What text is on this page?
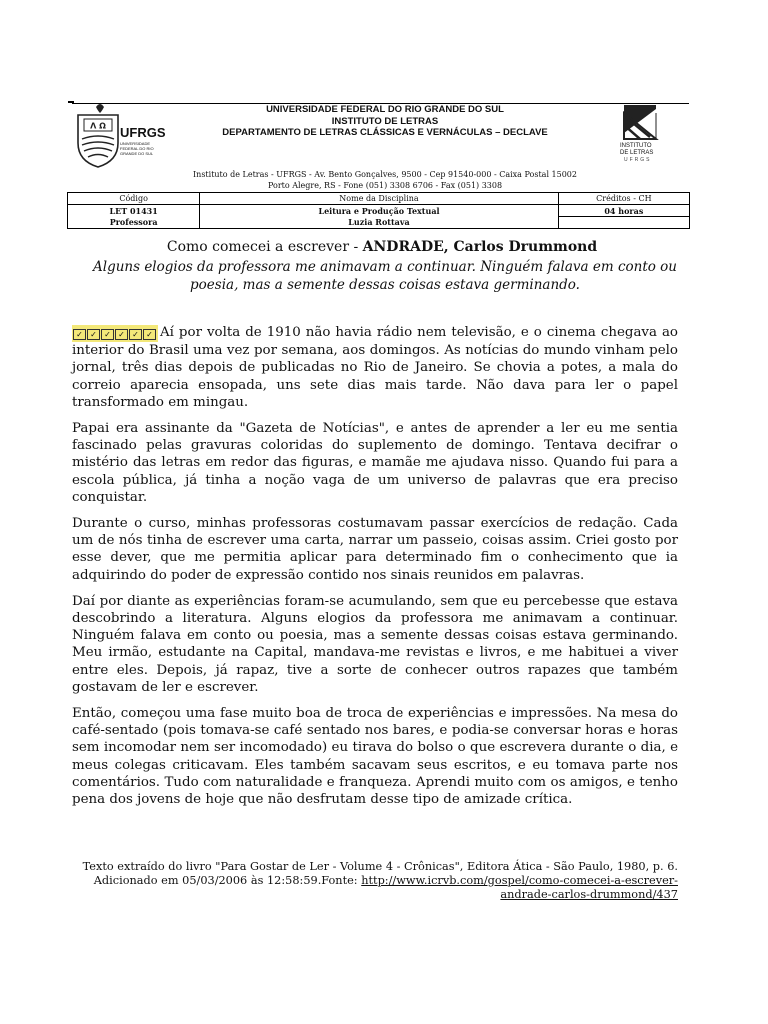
Λ Ω UFRGS
UNIVERSIDADE FEDERAL DO RIO GRANDE DO SUL
UNIVERSIDADE FEDERAL DO RIO GRANDE DO SUL
INSTITUTO DE LETRAS
DEPARTAMENTO DE LETRAS CLÁSSICAS E VERNÁCULAS – DECLAVE
INSTITUTO DE LETRAS
UFRGS
Instituto de Letras - UFRGS - Av. Bento Gonçalves, 9500 - Cep 91540-000 - Caixa Postal 15002
Porto Alegre, RS - Fone (051) 3308 6706 - Fax (051) 3308
Código	Nome da Disciplina	Créditos - CH
LET 01431	Leitura e Produção Textual	04 horas
Professora	Luzia Rottava	
Como comecei a escrever - ANDRADE, Carlos Drummond
Alguns elogios da professora me animavam a continuar. Ninguém falava em conto ou poesia, mas a semente dessas coisas estava germinando.

✓ ✓ ✓ ✓ ✓ ✓ Aí por volta de 1910 não havia rádio nem televisão, e o cinema chegava ao interior do Brasil uma vez por semana, aos domingos. As notícias do mundo vinham pelo jornal, três dias depois de publicadas no Rio de Janeiro. Se chovia a potes, a mala do correio aparecia ensopada, uns sete dias mais tarde. Não dava para ler o papel transformado em mingau.

Papai era assinante da "Gazeta de Notícias", e antes de aprender a ler eu me sentia fascinado pelas gravuras coloridas do suplemento de domingo. Tentava decifrar o mistério das letras em redor das figuras, e mamãe me ajudava nisso. Quando fui para a escola pública, já tinha a noção vaga de um universo de palavras que era preciso conquistar.

Durante o curso, minhas professoras costumavam passar exercícios de redação. Cada um de nós tinha de escrever uma carta, narrar um passeio, coisas assim. Criei gosto por esse dever, que me permitia aplicar para determinado fim o conhecimento que ia adquirindo do poder de expressão contido nos sinais reunidos em palavras.

Daí por diante as experiências foram-se acumulando, sem que eu percebesse que estava descobrindo a literatura. Alguns elogios da professora me animavam a continuar. Ninguém falava em conto ou poesia, mas a semente dessas coisas estava germinando. Meu irmão, estudante na Capital, mandava-me revistas e livros, e me habituei a viver entre eles. Depois, já rapaz, tive a sorte de conhecer outros rapazes que também gostavam de ler e escrever.

Então, começou uma fase muito boa de troca de experiências e impressões. Na mesa do café-sentado (pois tomava-se café sentado nos bares, e podia-se conversar horas e horas sem incomodar nem ser incomodado) eu tirava do bolso o que escrevera durante o dia, e meus colegas criticavam. Eles também sacavam seus escritos, e eu tomava parte nos comentários. Tudo com naturalidade e franqueza. Aprendi muito com os amigos, e tenho pena dos jovens de hoje que não desfrutam desse tipo de amizade crítica.

Texto extraído do livro "Para Gostar de Ler - Volume 4 - Crônicas", Editora Ática - São Paulo, 1980, p. 6.
Adicionado em 05/03/2006 às 12:58:59.Fonte: http://www.icrvb.com/gospel/como-comecei-a-escrever-andrade-carlos-drummond/437
